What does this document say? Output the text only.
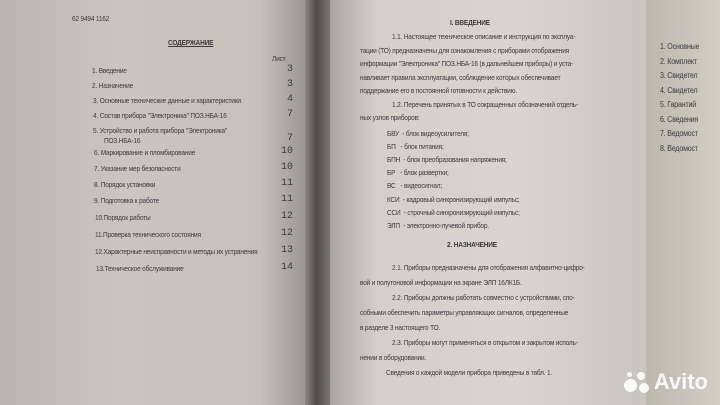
62 9494 1162
СОДЕРЖАНИЕ
Лист
1. Введение	3
2. Назначение	3
3. Основные технические данные и характеристики	4
4. Состав прибора "Электроника" ПОЗ.НБА-16	7
5. Устройство и работа прибора "Электроника"
ПОЗ.НБА-16	7
6. Маркирование и пломбирование	10
7. Указание мер безопасности	10
8. Порядок установки	11
9. Подготовка к работе	11
10.Порядок работы	12
11.Проверка технического состояния	12
12.Характерные неисправности и методы их устранения 13
13.Техническое обслуживание	14
I. ВВЕДЕНИЕ
1.1. Настоящее техническое описание и инструкция по эксплуа-
тации (ТО) предназначены для ознакомления с приборами отображения
информации "Электроника" ПОЗ.НБА-16 (в дальнейшем приборы) и уста-
навливает правила эксплуатации, соблюдение которых обеспечивает
поддержание его в постоянной готовности к действию.
1.2. Перечень принятых в ТО сокращенных обозначений отдель-
ных узлов приборов:
БВУ  - блок видеоусилителя;
БП   - блок питания;
БПН  - блок преобразования напряжения;
БР   - блок развертки;
ВС   - видеосигнал;
КСИ  - кадровый синхронизирующий импульс;
ССИ  - строчный синхронизирующий импульс;
ЭЛП  - электронно-лучевой прибор.
2. НАЗНАЧЕНИЕ
2.1. Приборы предназначены для отображения алфавитно-цифро-
вой и полутоновой информации на экране ЭЛП 16ЛК1Б.
2.2. Приборы должны работать совместно с устройствами, спо-
собными обеспечить параметры управляющих сигналов, определенные
в разделе 3 настоящего ТО.
2.3. Приборы могут применяться в открытом и закрытом исполь-
нении в оборудовании.
Сведения о каждой модели прибора приведены в табл. 1.
1. Основные
2. Комплект
3. Свидетел
4. Свидетел
5. Гарантий
6. Сведения
7. Ведомост
8. Ведомост
Avito
